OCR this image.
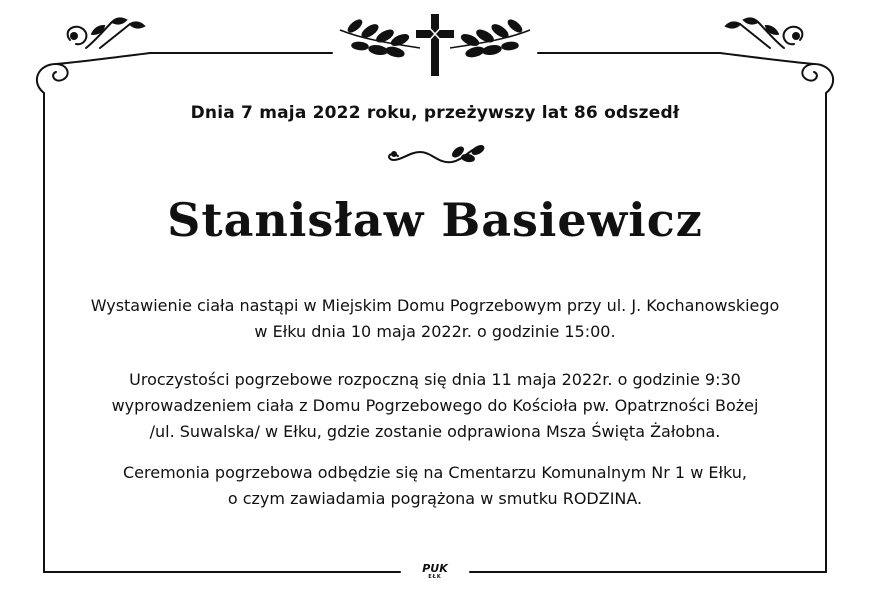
Dnia 7 maja 2022 roku, przeżywszy lat 86 odszedł
Stanisław Basiewicz
Wystawienie ciała nastąpi w Miejskim Domu Pogrzebowym przy ul. J. Kochanowskiego
w Ełku dnia 10 maja 2022r. o godzinie 15:00.
Uroczystości pogrzebowe rozpoczną się dnia 11 maja 2022r. o godzinie 9:30
wyprowadzeniem ciała z Domu Pogrzebowego do Kościoła pw. Opatrzności Bożej
/ul. Suwalska/ w Ełku, gdzie zostanie odprawiona Msza Święta Żałobna.
Ceremonia pogrzebowa odbędzie się na Cmentarzu Komunalnym Nr 1 w Ełku,
o czym zawiadamia pogrążona w smutku RODZINA.
PUK
EŁK
